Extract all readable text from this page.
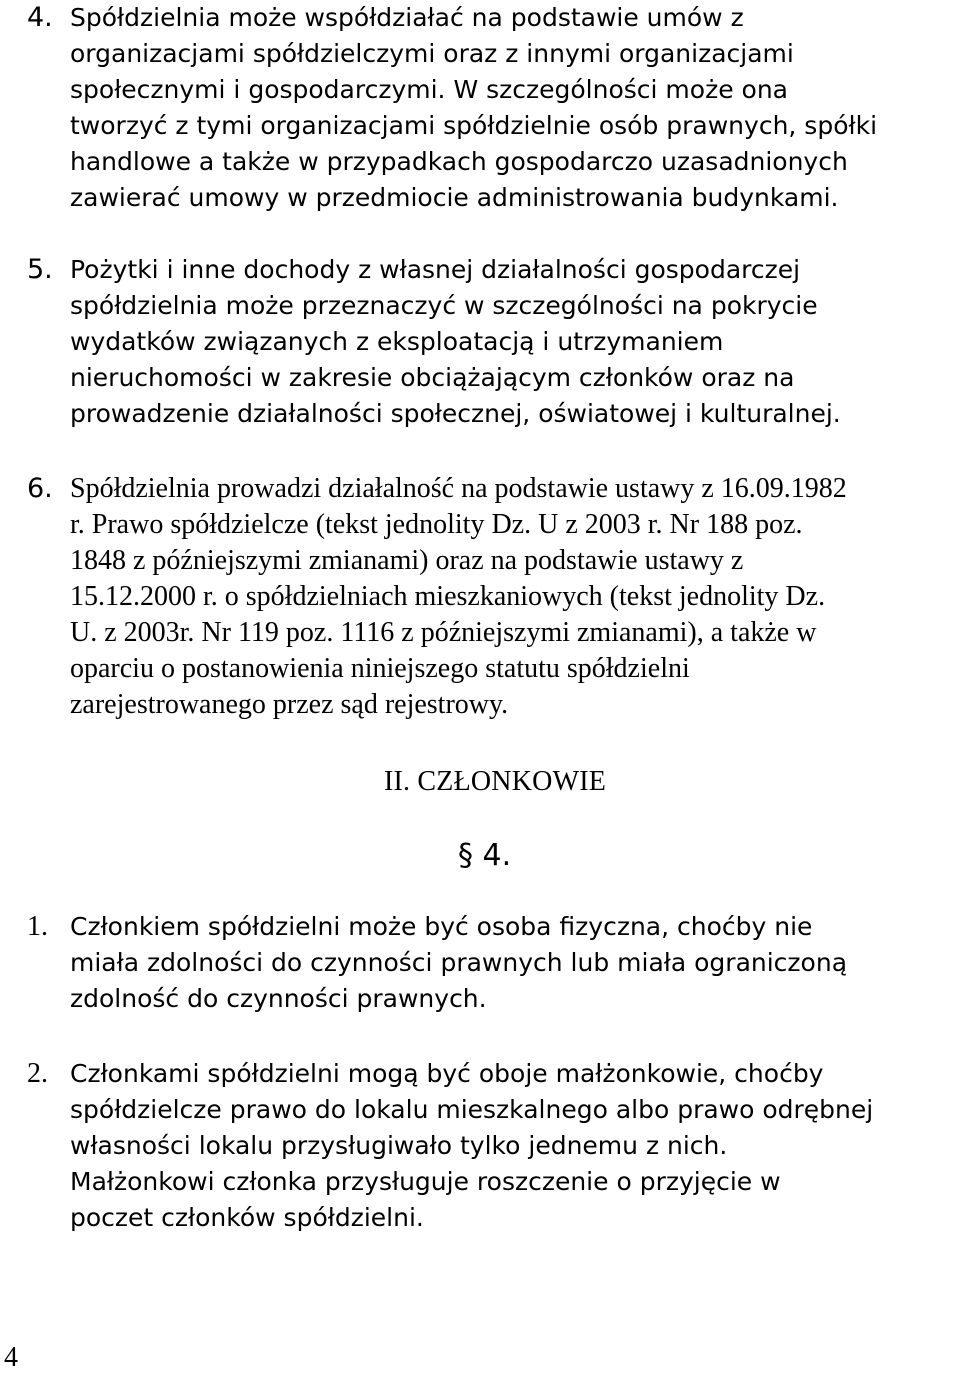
4. Spółdzielnia może współdziałać na podstawie umów z
organizacjami spółdzielczymi oraz z innymi organizacjami
społecznymi i gospodarczymi. W szczególności może ona
tworzyć z tymi organizacjami spółdzielnie osób prawnych, spółki
handlowe a także w przypadkach gospodarczo uzasadnionych
zawierać umowy w przedmiocie administrowania budynkami.
5. Pożytki i inne dochody z własnej działalności gospodarczej
spółdzielnia może przeznaczyć w szczególności na pokrycie
wydatków związanych z eksploatacją i utrzymaniem
nieruchomości w zakresie obciążającym członków oraz na
prowadzenie działalności społecznej, oświatowej i kulturalnej.
6. Spółdzielnia prowadzi działalność na podstawie ustawy z 16.09.1982
r. Prawo spółdzielcze (tekst jednolity Dz. U z 2003 r. Nr 188 poz.
1848 z późniejszymi zmianami) oraz na podstawie ustawy z
15.12.2000 r. o spółdzielniach mieszkaniowych (tekst jednolity Dz.
U. z 2003r. Nr 119 poz. 1116 z późniejszymi zmianami), a także w
oparciu o postanowienia niniejszego statutu spółdzielni
zarejestrowanego przez sąd rejestrowy.
II. CZŁONKOWIE
§ 4.
1. Członkiem spółdzielni może być osoba fizyczna, choćby nie
miała zdolności do czynności prawnych lub miała ograniczoną
zdolność do czynności prawnych.
2. Członkami spółdzielni mogą być oboje małżonkowie, choćby
spółdzielcze prawo do lokalu mieszkalnego albo prawo odrębnej
własności lokalu przysługiwało tylko jednemu z nich.
Małżonkowi członka przysługuje roszczenie o przyjęcie w
poczet członków spółdzielni.
4
